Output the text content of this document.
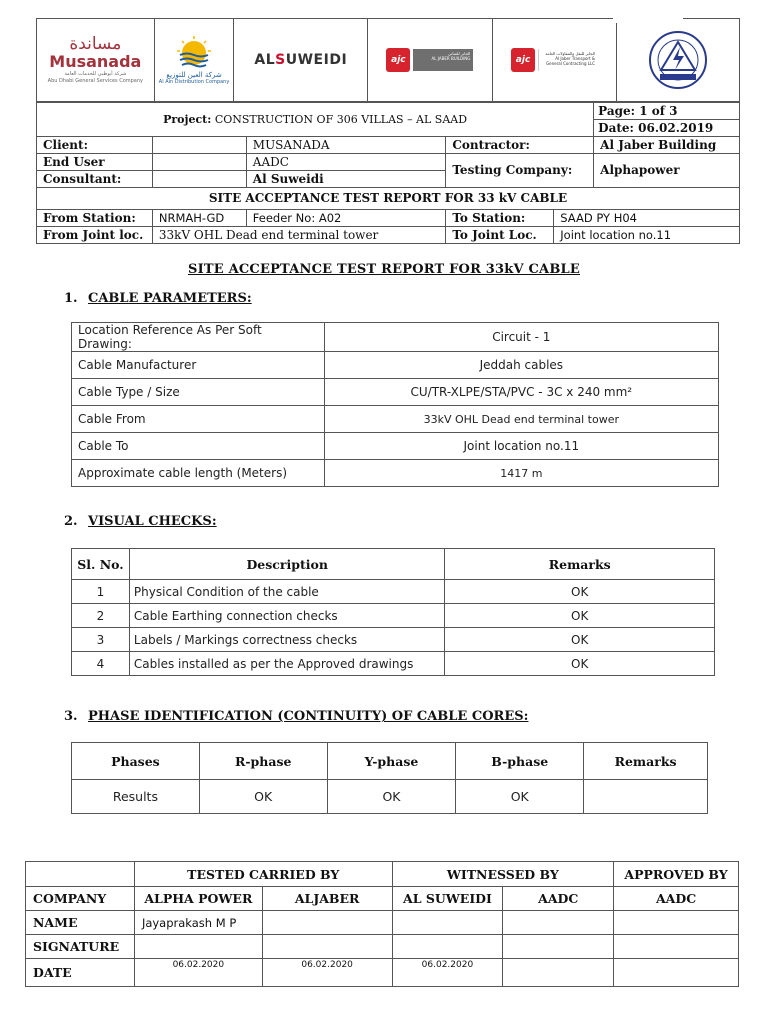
مساندة
Musanada
شركة أبوظبي للخدمات العامة
Abu Dhabi General Services Company
شركة العين للتوزيع
Al Ain Distribution Company
ALSUWEIDI	ajc
الجابر للمباني
AL JABER BUILDING	ajc
الجابر للنقل والمقاولات العامة
Al Jaber Transport & General Contracting LLC
CONTRACTING L.L.C
Project: CONSTRUCTION OF 306 VILLAS – AL SAAD					Page: 1 of 3
Date: 06.02.2019

Client:		MUSANADA	Contractor:		Al Jaber Building
End User		AADC	Testing Company:		Alphapower
Consultant:		Al Suweidi			
SITE ACCEPTANCE TEST REPORT FOR 33 kV CABLE					
From Station:	NRMAH-GD	Feeder No: A02	To Station:	SAAD PY H04	
From Joint loc.	33kV OHL Dead end terminal tower		To Joint Loc.	Joint location no.11	
SITE ACCEPTANCE TEST REPORT FOR 33kV CABLE
1. CABLE PARAMETERS:
Location Reference As Per Soft Drawing:	Circuit - 1
Cable Manufacturer	Jeddah cables
Cable Type / Size	CU/TR-XLPE/STA/PVC - 3C x 240 mm²
Cable From	33kV OHL Dead end terminal tower
Cable To	Joint location no.11
Approximate cable length (Meters)	1417 m
2. VISUAL CHECKS:
Sl. No.	Description	Remarks
1	Physical Condition of the cable	OK
2	Cable Earthing connection checks	OK
3	Labels / Markings correctness checks	OK
4	Cables installed as per the Approved drawings	OK
3. PHASE IDENTIFICATION (CONTINUITY) OF CABLE CORES:
Phases	R-phase	Y-phase	B-phase	Remarks
Results	OK	OK	OK	
	TESTED CARRIED BY		WITNESSED BY		APPROVED BY
COMPANY	ALPHA POWER	ALJABER	AL SUWEIDI	AADC	AADC
NAME	Jayaprakash M P				
SIGNATURE					
DATE	06.02.2020	06.02.2020	06.02.2020		
